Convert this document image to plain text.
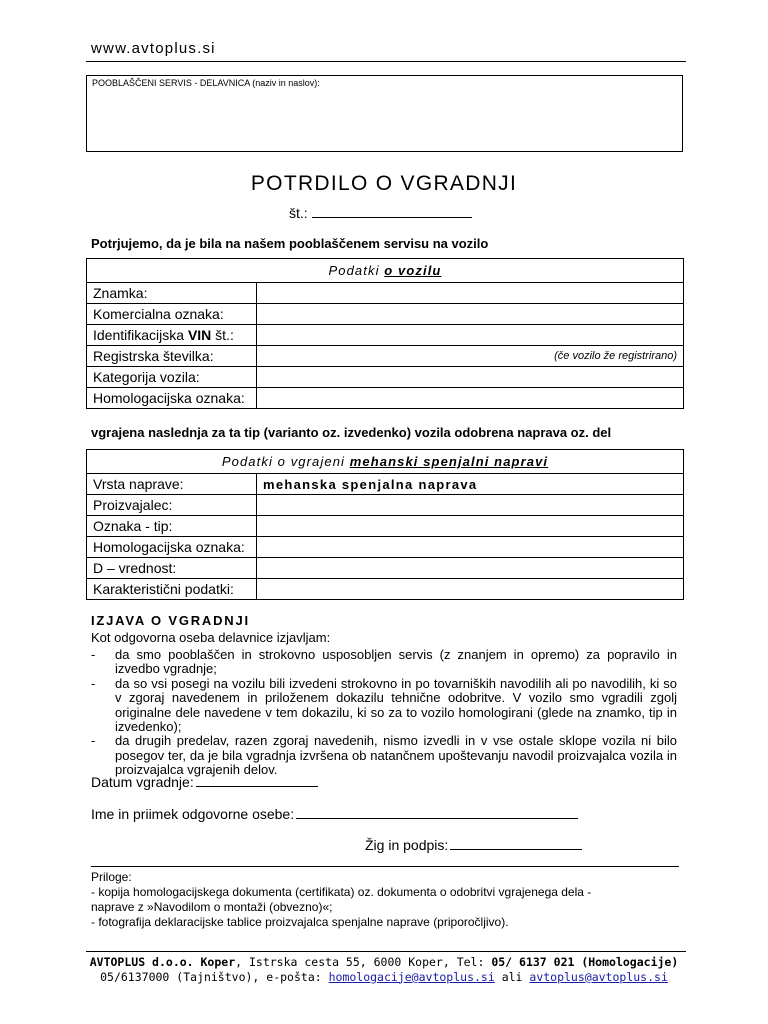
www.avtoplus.si
POOBLAŠČENI SERVIS - DELAVNICA (naziv in naslov):
POTRDILO O VGRADNJI
št.:
Potrjujemo, da je bila na našem pooblaščenem servisu na vozilo
Podatki o vozilu	
Znamka:	
Komercialna oznaka:	
Identifikacijska VIN št.:	
Registrska številka:	(če vozilo že registrirano)

Kategorija vozila:	
Homologacijska oznaka:	
vgrajena naslednja za ta tip (varianto oz. izvedenko) vozila odobrena naprava oz. del
Podatki o vgrajeni mehanski spenjalni napravi	
Vrsta naprave:	mehanska spenjalna naprava
Proizvajalec:	
Oznaka - tip:	
Homologacijska oznaka:	
D – vrednost:	
Karakteristični podatki:	
IZJAVA O VGRADNJI
Kot odgovorna oseba delavnice izjavljam:
- da smo pooblaščen in strokovno usposobljen servis (z znanjem in opremo) za popravilo in izvedbo vgradnje;
- da so vsi posegi na vozilu bili izvedeni strokovno in po tovarniških navodilih ali po navodilih, ki so v zgoraj navedenem in priloženem dokazilu tehnične odobritve. V vozilo smo vgradili zgolj originalne dele navedene v tem dokazilu, ki so za to vozilo homologirani (glede na znamko, tip in izvedenko);
- da drugih predelav, razen zgoraj navedenih, nismo izvedli in v vse ostale sklope vozila ni bilo posegov ter, da je bila vgradnja izvršena ob natančnem upoštevanju navodil proizvajalca vozila in proizvajalca vgrajenih delov.
Datum vgradnje:
Ime in priimek odgovorne osebe:
Žig in podpis:
Priloge:
- kopija homologacijskega dokumenta (certifikata) oz. dokumenta o odobritvi vgrajenega dela -
naprave z »Navodilom o montaži (obvezno)«;
- fotografija deklaracijske tablice proizvajalca spenjalne naprave (priporočljivo).
AVTOPLUS d.o.o. Koper, Istrska cesta 55, 6000 Koper, Tel: 05/ 6137 021 (Homologacije)
05/6137000 (Tajništvo), e-pošta: homologacije@avtoplus.si ali avtoplus@avtoplus.si
